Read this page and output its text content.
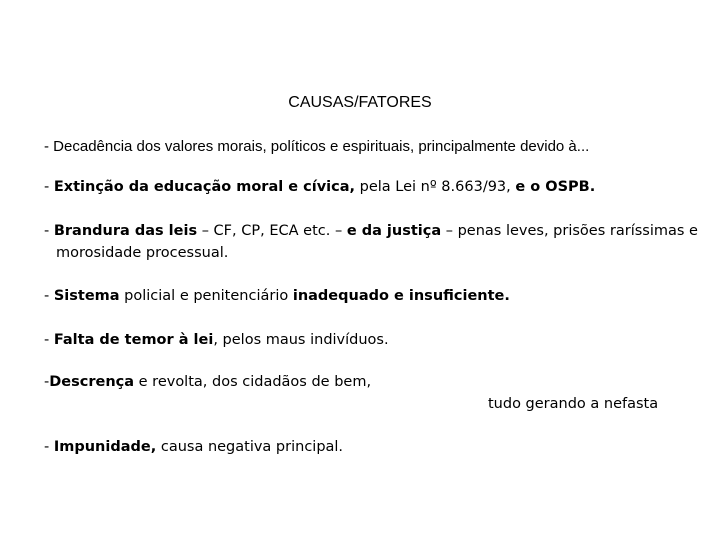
CAUSAS/FATORES
- Decadência dos valores morais, políticos e espirituais, principalmente devido à...
- Extinção da educação moral e cívica, pela Lei nº 8.663/93, e o OSPB.
- Brandura das leis – CF, CP, ECA etc. – e da justiça – penas leves, prisões raríssimas e
morosidade processual.
- Sistema policial e penitenciário inadequado e insuficiente.
- Falta de temor à lei, pelos maus indivíduos.
-Descrença e revolta, dos cidadãos de bem,
tudo gerando a nefasta
- Impunidade, causa negativa principal.
